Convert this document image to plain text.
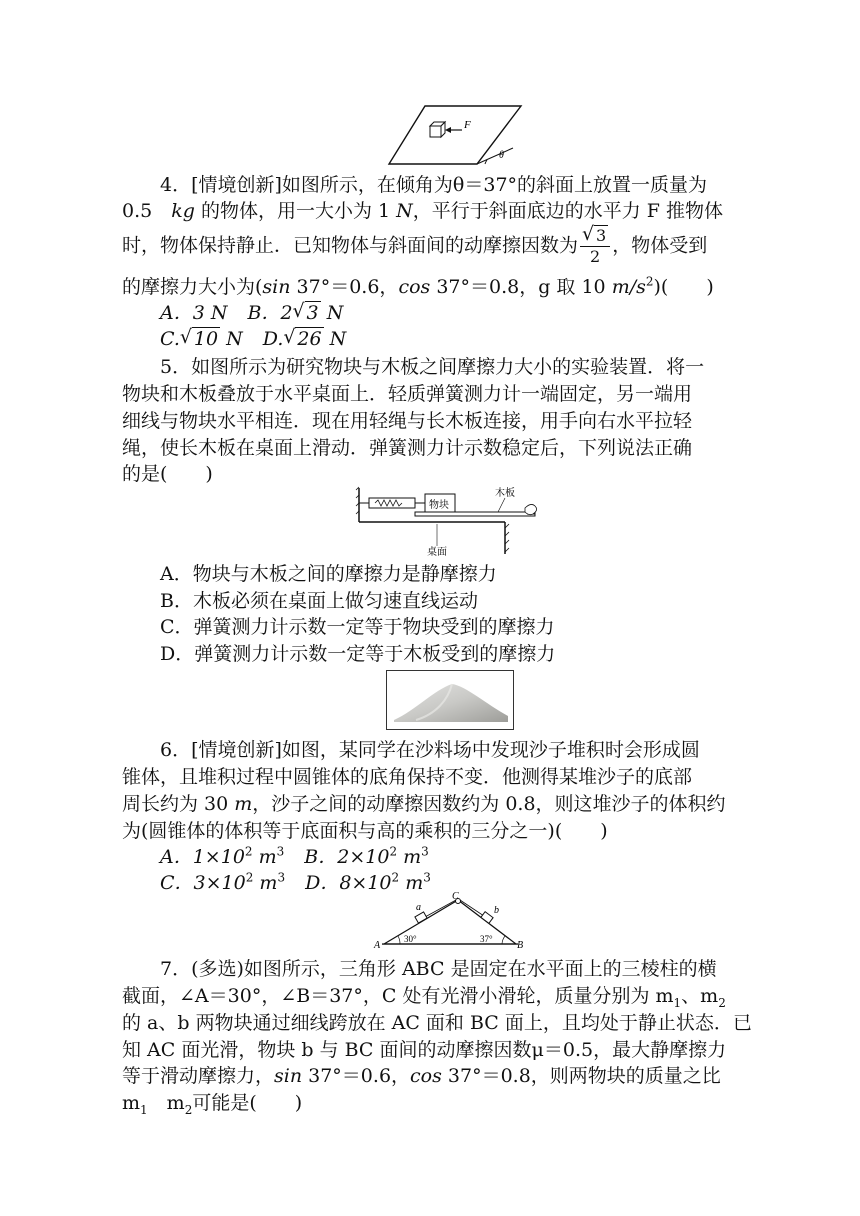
F
θ
4．[情境创新]如图所示，在倾角为θ＝37°的斜面上放置一质量为
0.5　 kg 的物体，用一大小为 1 N，平行于斜面底边的水平力 F 推物体
时，物体保持静止．已知物体与斜面间的动摩擦因数为 √ $\frac{3}{2}$ ，物体受到
的摩擦力大小为(sin 37°＝0.6，cos 37°＝0.8，g 取 10 $m/s^2$)(　　)
A．3 N B．2 √ 3 N
C. √ 10 N D. √ 26 N
5．如图所示为研究物块与木板之间摩擦力大小的实验装置．将一
物块和木板叠放于水平桌面上．轻质弹簧测力计一端固定，另一端用
细线与物块水平相连．现在用轻绳与长木板连接，用手向右水平拉轻
绳，使长木板在桌面上滑动．弹簧测力计示数稳定后，下列说法正确
的是(　　)
物块
木板
桌面
A．物块与木板之间的摩擦力是静摩擦力
B．木板必须在桌面上做匀速直线运动
C．弹簧测力计示数一定等于物块受到的摩擦力
D．弹簧测力计示数一定等于木板受到的摩擦力
6．[情境创新]如图，某同学在沙料场中发现沙子堆积时会形成圆
锥体，且堆积过程中圆锥体的底角保持不变．他测得某堆沙子的底部
周长约为 30 m，沙子之间的动摩擦因数约为 0.8，则这堆沙子的体积约
为(圆锥体的体积等于底面积与高的乘积的三分之一)(　　)
A．$1\times 10^2$ $m^3$ B．$2\times 10^2$ $m^3$
C．$3\times 10^2$ $m^3$ D．$8\times 10^2$ $m^3$
a	b
C
A	B
30°	37°
7．(多选)如图所示，三角形 ABC 是固定在水平面上的三棱柱的横
截面，∠A＝30°，∠B＝37°，C 处有光滑小滑轮，质量分别为 $m_1$、$m_2$
的 a、b 两物块通过细线跨放在 AC 面和 BC 面上，且均处于静止状态．已
知 AC 面光滑，物块 b 与 BC 面间的动摩擦因数μ＝0.5，最大静摩擦力
等于滑动摩擦力，sin 37°＝0.6，cos 37°＝0.8，则两物块的质量之比
$m_1$　$m_2$可能是(　　)
